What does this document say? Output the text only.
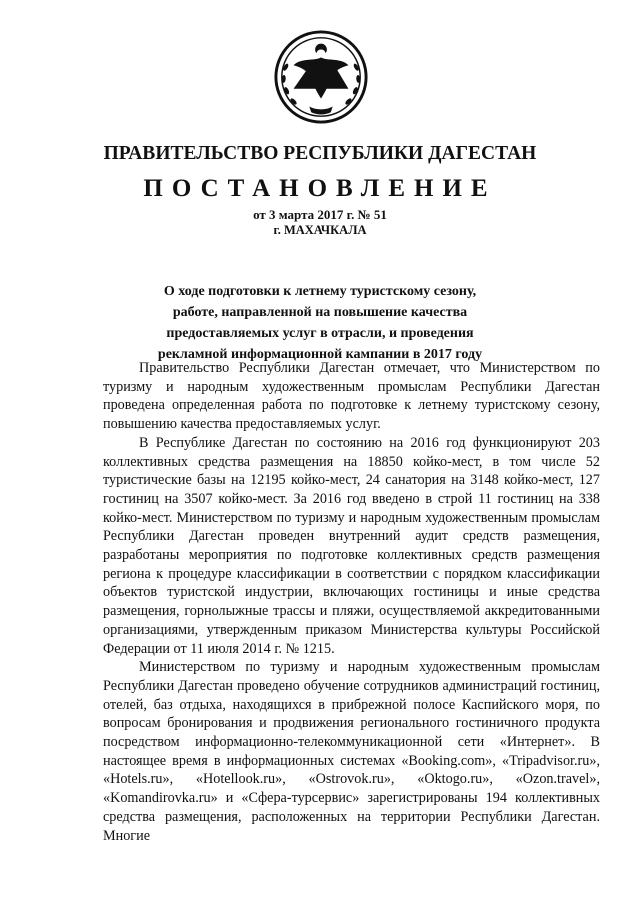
ПРАВИТЕЛЬСТВО РЕСПУБЛИКИ ДАГЕСТАН
ПОСТАНОВЛЕНИЕ
от 3 марта 2017 г. № 51
г. МАХАЧКАЛА
О ходе подготовки к летнему туристскому сезону,
работе, направленной на повышение качества
предоставляемых услуг в отрасли, и проведения
рекламной информационной кампании в 2017 году

Правительство Республики Дагестан отмечает, что Министерством по туризму и народным художественным промыслам Республики Дагестан проведена определенная работа по подготовке к летнему туристскому сезону, повышению качества предоставляемых услуг.

В Республике Дагестан по состоянию на 2016 год функционируют 203 коллективных средства размещения на 18850 койко-мест, в том числе 52 туристические базы на 12195 койко-мест, 24 санатория на 3148 койко-мест, 127 гостиниц на 3507 койко-мест. За 2016 год введено в строй 11 гостиниц на 338 койко-мест. Министерством по туризму и народным художественным промыслам Республики Дагестан проведен внутренний аудит средств размещения, разработаны мероприятия по подготовке коллективных средств размещения региона к процедуре классификации в соответствии с порядком классификации объектов туристской индустрии, включающих гостиницы и иные средства размещения, горнолыжные трассы и пляжи, осуществляемой аккредитованными организациями, утвержденным приказом Министерства культуры Российской Федерации от 11 июля 2014 г. № 1215.

Министерством по туризму и народным художественным промыслам Республики Дагестан проведено обучение сотрудников администраций гостиниц, отелей, баз отдыха, находящихся в прибрежной полосе Каспийского моря, по вопросам бронирования и продвижения регионального гостиничного продукта посредством информационно-телекоммуникационной сети «Интернет». В настоящее время в информационных системах «Booking.com», «Tripadvisor.ru», «Hotels.ru», «Hotellook.ru», «Ostrovok.ru», «Oktogo.ru», «Ozon.travel», «Komandirovka.ru» и «Сфера-турсервис» зарегистрированы 194 коллективных средства размещения, расположенных на территории Республики Дагестан. Многие
